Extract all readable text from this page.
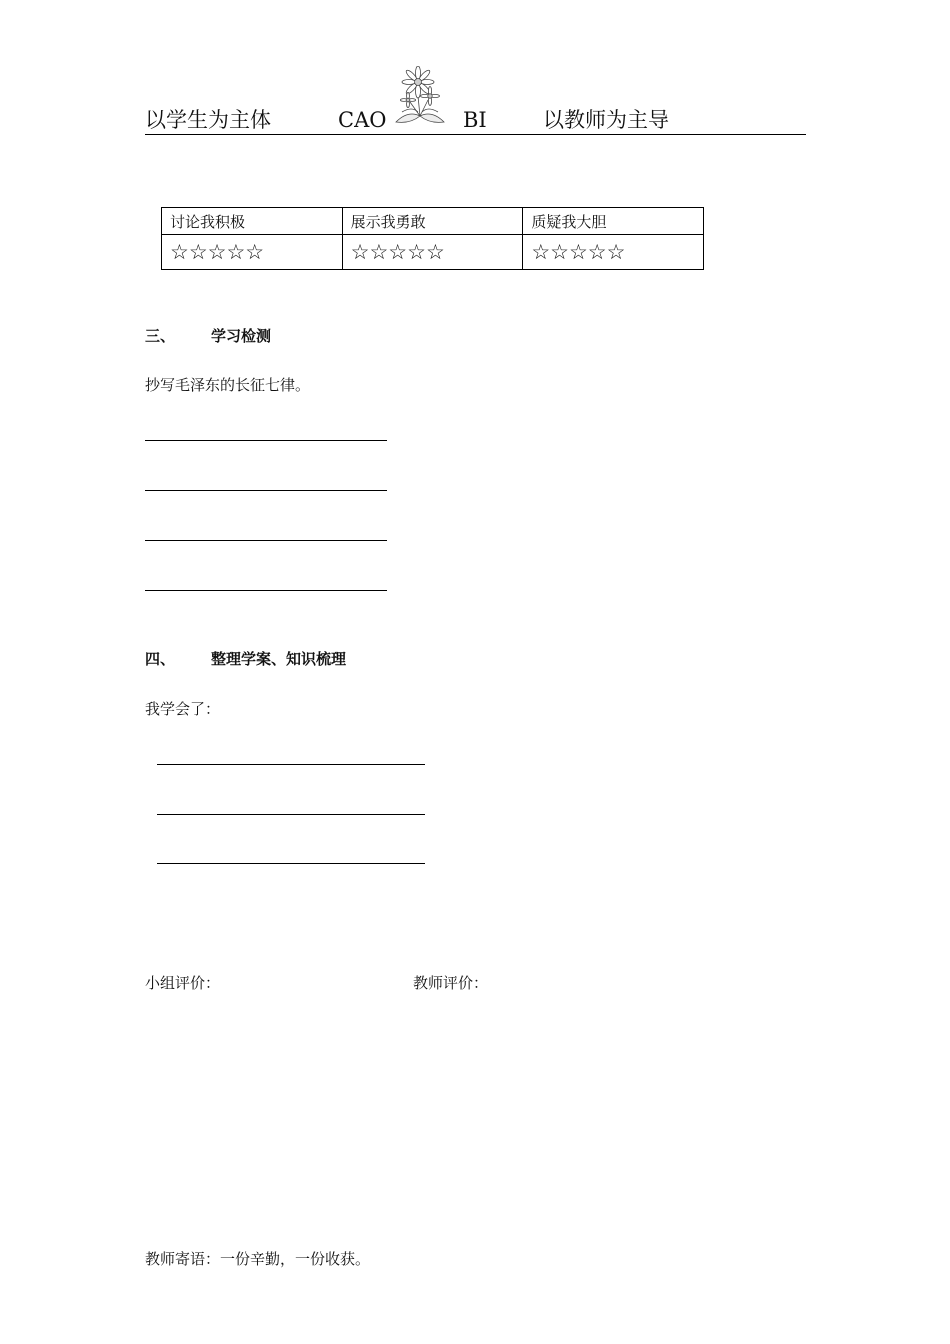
以学生为主体	CAO	BI	以教师为主导
讨论我积极	展示我勇敢	质疑我大胆
☆☆☆☆☆	☆☆☆☆☆	☆☆☆☆☆
三、 学习检测
抄写毛泽东的长征七律。
四、 整理学案、知识梳理
我学会了：
小组评价：	教师评价：
教师寄语：一份辛勤，一份收获。
